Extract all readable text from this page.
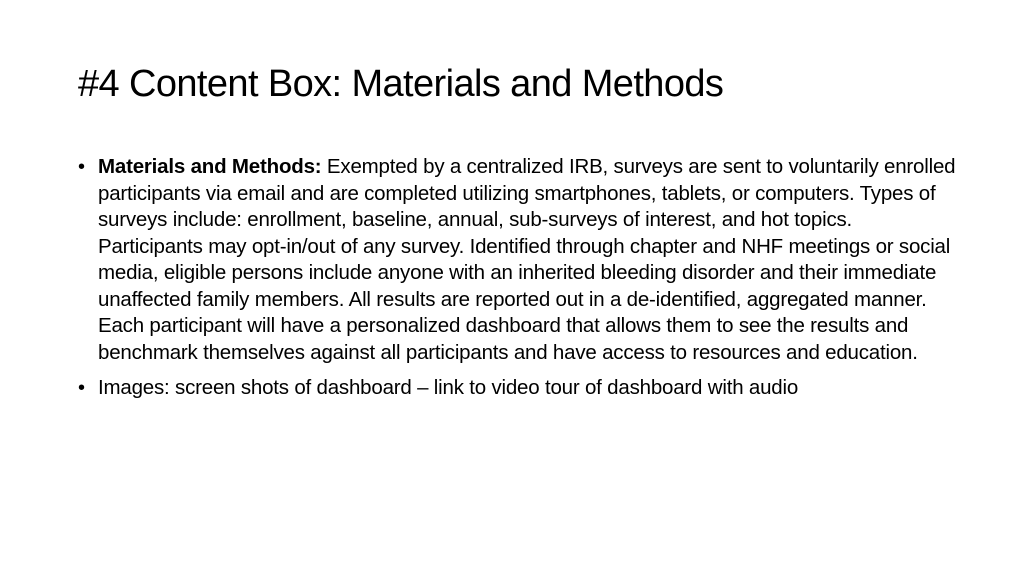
#4 Content Box: Materials and Methods
• Materials and Methods: Exempted by a centralized IRB, surveys are sent to voluntarily enrolled participants via email and are completed utilizing smartphones, tablets, or computers. Types of surveys include: enrollment, baseline, annual, sub-surveys of interest, and hot topics. Participants may opt-in/out of any survey. Identified through chapter and NHF meetings or social media, eligible persons include anyone with an inherited bleeding disorder and their immediate unaffected family members. All results are reported out in a de-identified, aggregated manner. Each participant will have a personalized dashboard that allows them to see the results and benchmark themselves against all participants and have access to resources and education.
• Images: screen shots of dashboard – link to video tour of dashboard with audio
